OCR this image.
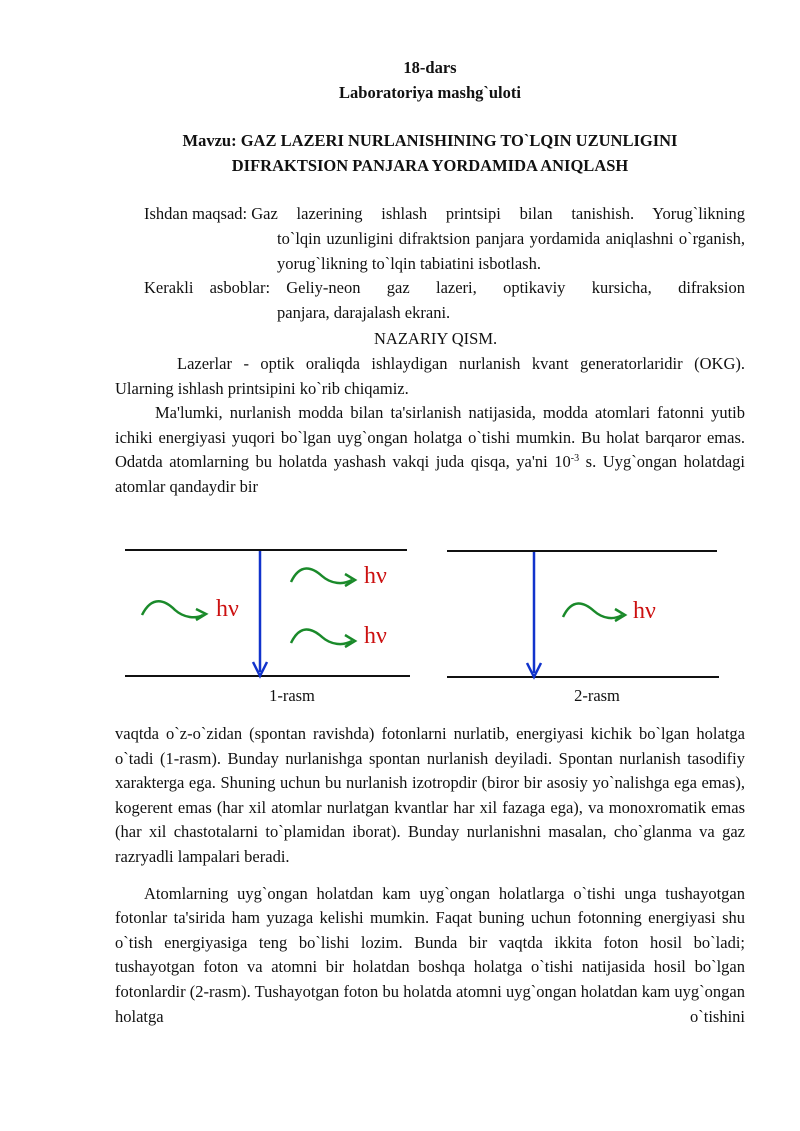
18-dars

Laboratoriya mashg`uloti

Mavzu: GAZ LAZERI NURLANISHINING TO`LQIN UZUNLIGINI

DIFRAKTSION PANJARA YORDAMIDA ANIQLASH

Ishdan maqsad: Gaz lazerining ishlash printsipi bilan tanishish. Yorug`likning

to`lqin uzunligini difraktsion panjara yordamida aniqlashni o`rganish, yorug`likning to`lqin tabiatini isbotlash.

Kerakli asboblar: Geliy-neon gaz lazeri, optikaviy kursicha, difraksion

panjara, darajalash ekrani.

NAZARIY QISM.

Lazerlar - optik oraliqda ishlaydigan nurlanish kvant generatorlaridir (OKG). Ularning ishlash printsipini ko`rib chiqamiz.

Ma'lumki, nurlanish modda bilan ta'sirlanish natijasida, modda atomlari fatonni yutib ichiki energiyasi yuqori bo`lgan uyg`ongan holatga o`tishi mumkin. Bu holat barqaror emas. Odatda atomlarning bu holatda yashash vakqi juda qisqa, ya'ni $10^{-3}$ s. Uyg`ongan holatdagi atomlar qandaydir bir

hν
hν
hν
1-rasm
hν
2-rasm

vaqtda o`z-o`zidan (spontan ravishda) fotonlarni nurlatib, energiyasi kichik bo`lgan holatga o`tadi (1-rasm). Bunday nurlanishga spontan nurlanish deyiladi. Spontan nurlanish tasodifiy xarakterga ega. Shuning uchun bu nurlanish izotropdir (biror bir asosiy yo`nalishga ega emas), kogerent emas (har xil atomlar nurlatgan kvantlar har xil fazaga ega), va monoxromatik emas (har xil chastotalarni to`plamidan iborat). Bunday nurlanishni masalan, cho`glanma va gaz razryadli lampalari beradi.

Atomlarning uyg`ongan holatdan kam uyg`ongan holatlarga o`tishi unga tushayotgan fotonlar ta'sirida ham yuzaga kelishi mumkin. Faqat buning uchun fotonning energiyasi shu o`tish energiyasiga teng bo`lishi lozim. Bunda bir vaqtda ikkita foton hosil bo`ladi; tushayotgan foton va atomni bir holatdan boshqa holatga o`tishi natijasida hosil bo`lgan fotonlardir (2-rasm). Tushayotgan foton bu holatda atomni uyg`ongan holatdan kam uyg`ongan holatga o`tishini
